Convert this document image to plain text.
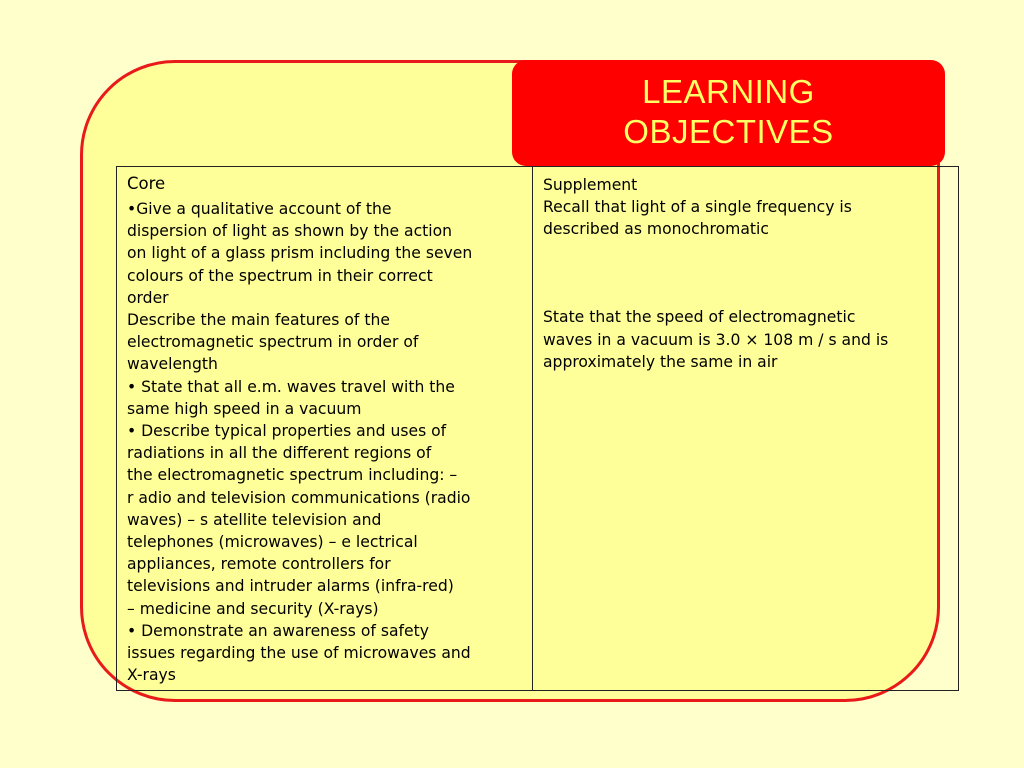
LEARNING
OBJECTIVES
Core
•Give a qualitative account of the
dispersion of light as shown by the action
on light of a glass prism including the seven
colours of the spectrum in their correct
order
Describe the main features of the
electromagnetic spectrum in order of
wavelength
• State that all e.m. waves travel with the
same high speed in a vacuum
• Describe typical properties and uses of
radiations in all the different regions of
the electromagnetic spectrum including: –
r adio and television communications (radio
waves) – s atellite television and
telephones (microwaves) – e lectrical
appliances, remote controllers for
televisions and intruder alarms (infra-red)
– medicine and security (X-rays)
• Demonstrate an awareness of safety
issues regarding the use of microwaves and
X-rays

Supplement
Recall that light of a single frequency is
described as monochromatic
State that the speed of electromagnetic
waves in a vacuum is 3.0 × 108 m / s and is
approximately the same in air
